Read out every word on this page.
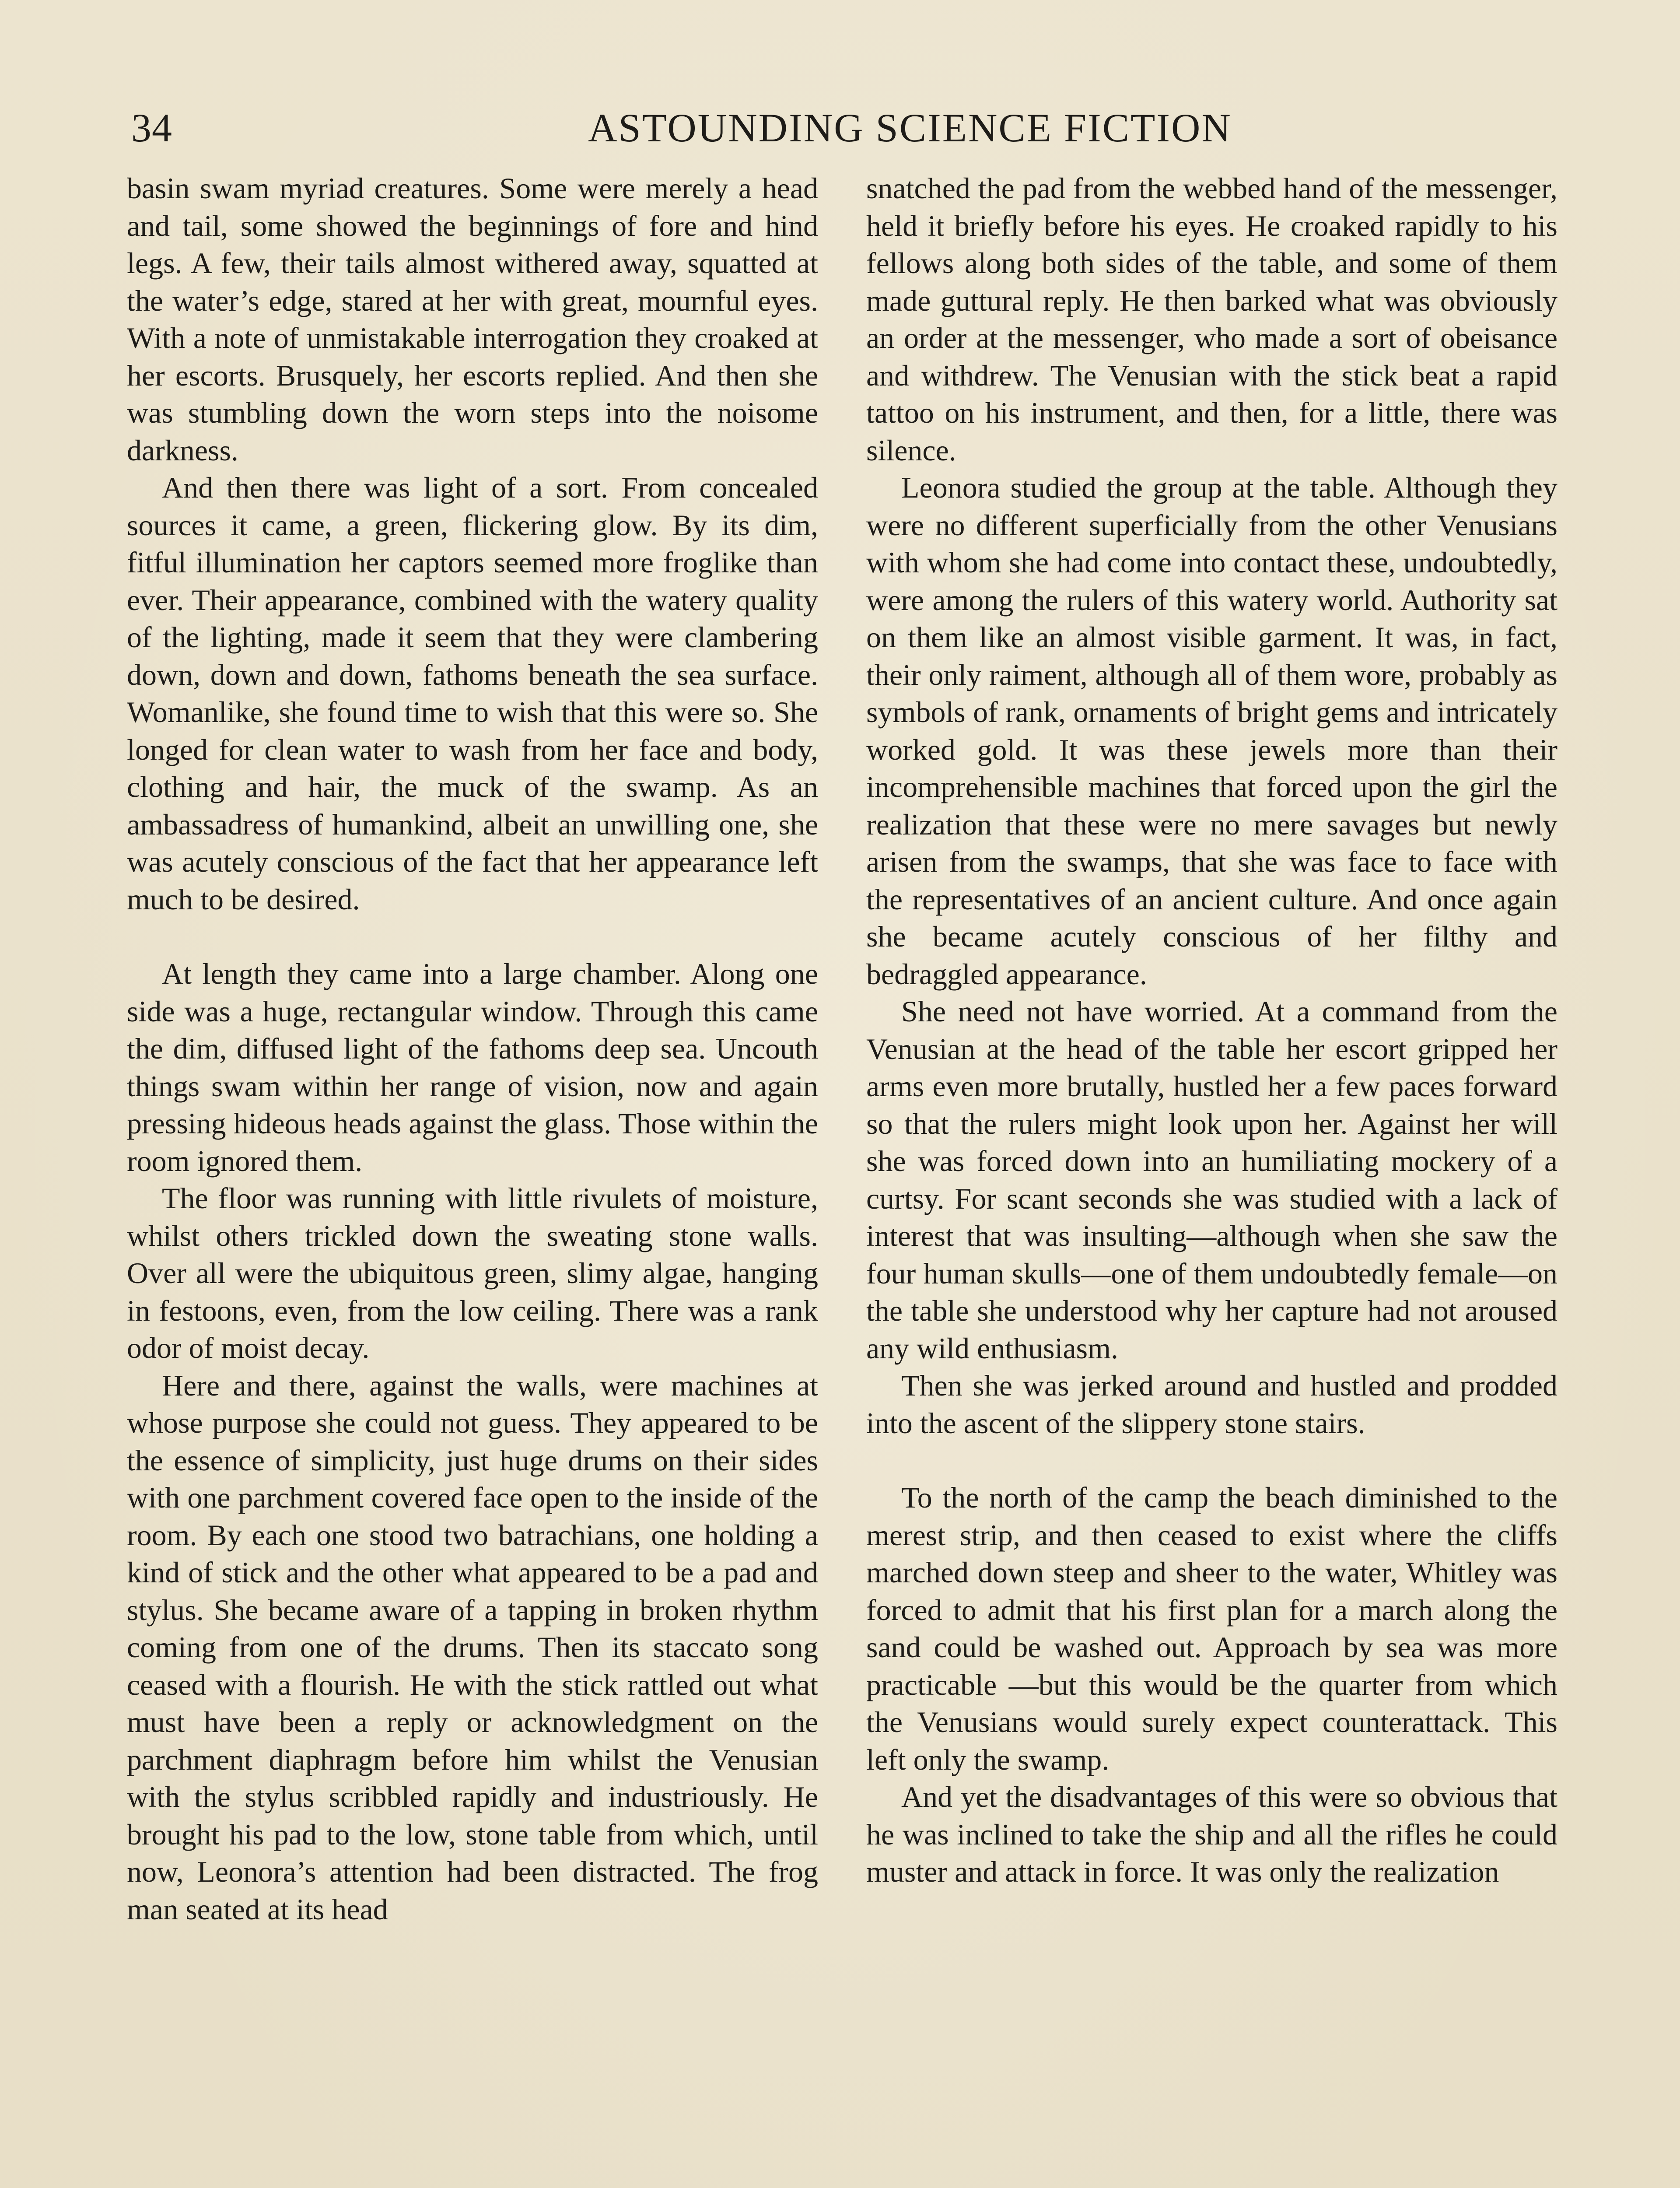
34	ASTOUNDING SCIENCE FICTION

basin swam myriad creatures. Some were merely a head and tail, some showed the beginnings of fore and hind legs. A few, their tails almost withered away, squatted at the water’s edge, stared at her with great, mournful eyes. With a note of unmistakable interrogation they croaked at her escorts. Brusquely, her escorts replied. And then she was stumbling down the worn steps into the noisome darkness.

And then there was light of a sort. From concealed sources it came, a green, flickering glow. By its dim, fitful illumination her captors seemed more froglike than ever. Their appearance, combined with the watery quality of the lighting, made it seem that they were clambering down, down and down, fathoms beneath the sea surface. Womanlike, she found time to wish that this were so. She longed for clean water to wash from her face and body, clothing and hair, the muck of the swamp. As an ambassadress of humankind, albeit an unwilling one, she was acutely conscious of the fact that her appearance left much to be desired.

At length they came into a large chamber. Along one side was a huge, rectangular window. Through this came the dim, diffused light of the fathoms deep sea. Uncouth things swam within her range of vision, now and again pressing hideous heads against the glass. Those within the room ignored them.

The floor was running with little rivulets of moisture, whilst others trickled down the sweating stone walls. Over all were the ubiquitous green, slimy algae, hanging in festoons, even, from the low ceiling. There was a rank odor of moist decay.

Here and there, against the walls, were machines at whose purpose she could not guess. They appeared to be the essence of simplicity, just huge drums on their sides with one parchment covered face open to the inside of the room. By each one stood two batrachians, one holding a kind of stick and the other what appeared to be a pad and stylus. She became aware of a tapping in broken rhythm coming from one of the drums. Then its staccato song ceased with a flourish. He with the stick rattled out what must have been a reply or acknowledgment on the parchment diaphragm before him whilst the Venusian with the stylus scribbled rapidly and industriously. He brought his pad to the low, stone table from which, until now, Leonora’s attention had been distracted. The frog man seated at its head

snatched the pad from the webbed hand of the messenger, held it briefly before his eyes. He croaked rapidly to his fellows along both sides of the table, and some of them made guttural reply. He then barked what was obviously an order at the messenger, who made a sort of obeisance and withdrew. The Venusian with the stick beat a rapid tattoo on his instrument, and then, for a little, there was silence.

Leonora studied the group at the table. Although they were no different superficially from the other Venusians with whom she had come into contact these, undoubtedly, were among the rulers of this watery world. Authority sat on them like an almost visible garment. It was, in fact, their only raiment, although all of them wore, probably as symbols of rank, ornaments of bright gems and intricately worked gold. It was these jewels more than their incomprehensible machines that forced upon the girl the realization that these were no mere savages but newly arisen from the swamps, that she was face to face with the representatives of an ancient culture. And once again she became acutely conscious of her filthy and bedraggled appearance.

She need not have worried. At a command from the Venusian at the head of the table her escort gripped her arms even more brutally, hustled her a few paces forward so that the rulers might look upon her. Against her will she was forced down into an humiliating mockery of a curtsy. For scant seconds she was studied with a lack of interest that was insulting—although when she saw the four human skulls—one of them undoubtedly female—on the table she understood why her capture had not aroused any wild enthusiasm.

Then she was jerked around and hustled and prodded into the ascent of the slippery stone stairs.

To the north of the camp the beach diminished to the merest strip, and then ceased to exist where the cliffs marched down steep and sheer to the water, Whitley was forced to admit that his first plan for a march along the sand could be washed out. Approach by sea was more practicable —but this would be the quarter from which the Venusians would surely expect counterattack. This left only the swamp.

And yet the disadvantages of this were so obvious that he was inclined to take the ship and all the rifles he could muster and attack in force. It was only the realization
